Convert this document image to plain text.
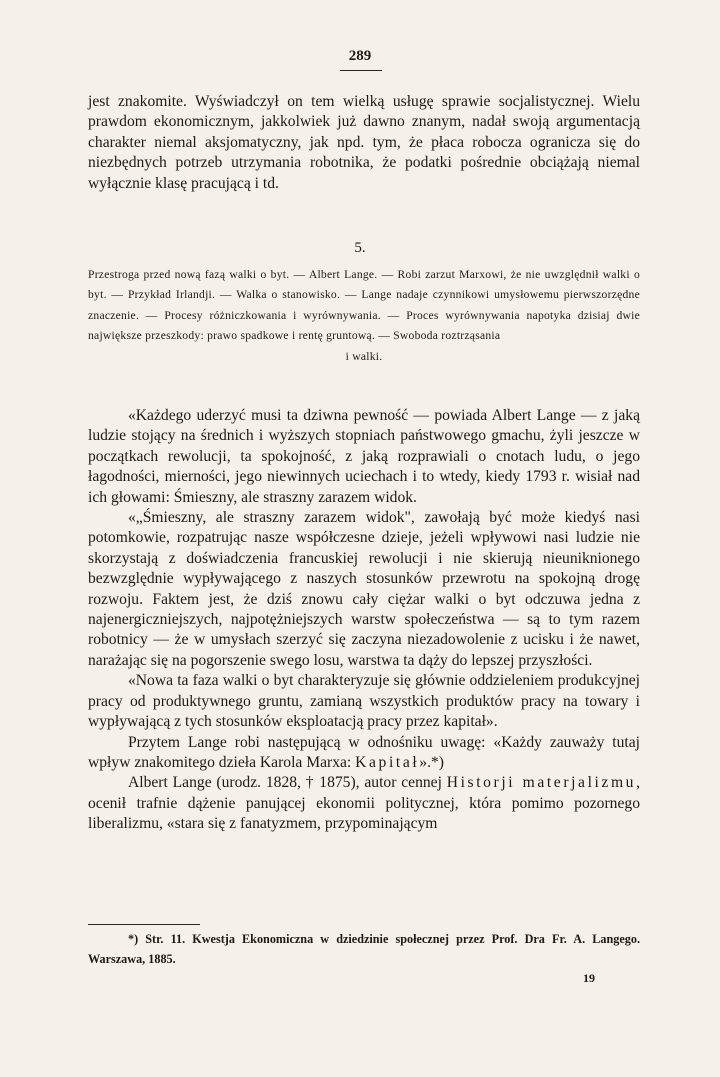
289

jest znakomite. Wyświadczył on tem wielką usługę sprawie socjalistycznej. Wielu prawdom ekonomicznym, jakkolwiek już dawno znanym, nadał swoją argumentacją charakter niemal aksjomatyczny, jak npd. tym, że płaca robocza ogranicza się do niezbędnych potrzeb utrzymania robotnika, że podatki pośrednie obciążają niemal wyłącznie klasę pracującą i td.

5.

Przestroga przed nową fazą walki o byt. — Albert Lange. — Robi zarzut Marxowi, że nie uwzględnił walki o byt. — Przykład Irlandji. — Walka o stanowisko. — Lange nadaje czynnikowi umysłowemu pierwszorzędne znaczenie. — Procesy różniczkowania i wyrównywania. — Proces wyrównywania napotyka dzisiaj dwie największe przeszkody: prawo spadkowe i rentę gruntową. — Swoboda roztrząsania
i walki.

«Każdego uderzyć musi ta dziwna pewność — powiada Albert Lange — z jaką ludzie stojący na średnich i wyższych stopniach państwowego gmachu, żyli jeszcze w początkach rewolucji, ta spokojność, z jaką rozprawiali o cnotach ludu, o jego łagodności, mierności, jego niewinnych uciechach i to wtedy, kiedy 1793 r. wisiał nad ich głowami: Śmieszny, ale straszny zarazem widok.

«„Śmieszny, ale straszny zarazem widok", zawołają być może kiedyś nasi potomkowie, rozpatrując nasze współczesne dzieje, jeżeli wpływowi nasi ludzie nie skorzystają z doświadczenia francuskiej rewolucji i nie skierują nieuniknionego bezwzględnie wypływającego z naszych stosunków przewrotu na spokojną drogę rozwoju. Faktem jest, że dziś znowu cały ciężar walki o byt odczuwa jedna z najenergiczniejszych, najpotężniejszych warstw społeczeństwa — są to tym razem robotnicy — że w umysłach szerzyć się zaczyna niezadowolenie z ucisku i że nawet, narażając się na pogorszenie swego losu, warstwa ta dąży do lepszej przyszłości.

«Nowa ta faza walki o byt charakteryzuje się głównie oddzieleniem produkcyjnej pracy od produktywnego gruntu, zamianą wszystkich produktów pracy na towary i wypływającą z tych stosunków eksploatacją pracy przez kapitał».

Przytem Lange robi następującą w odnośniku uwagę: «Każdy zauważy tutaj wpływ znakomitego dzieła Karola Marxa: Kapitał».*)

Albert Lange (urodz. 1828, † 1875), autor cennej Historji materjalizmu, ocenił trafnie dążenie panującej ekonomii politycznej, która pomimo pozornego liberalizmu, «stara się z fanatyzmem, przypominającym

*) Str. 11. Kwestja Ekonomiczna w dziedzinie społecznej przez Prof. Dra Fr. A. Langego. Warszawa, 1885.

19
